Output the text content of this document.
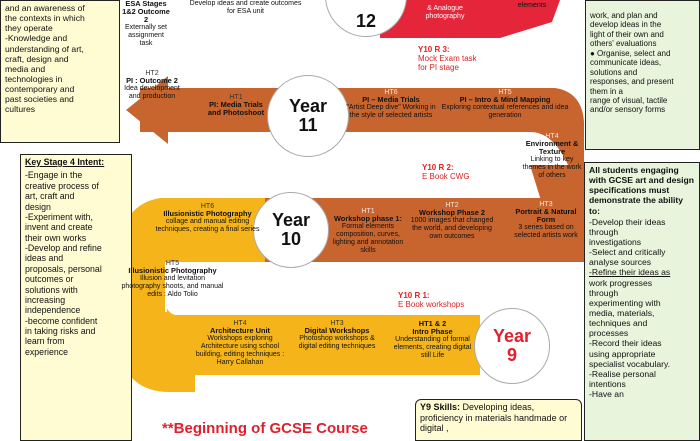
and an awareness of
the contexts in which
they operate
-Knowledge and
understanding of art,
craft, design and
media and
technologies in
contemporary and
past societies and
cultures
Key Stage 4 Intent:
-Engage in the
creative process of
art, craft and
design
-Experiment with,
invent and create
their own works
-Develop and refine
ideas and
proposals, personal
outcomes or
solutions with
increasing
independence
-become confident
in taking risks and
learn from
experience
work, and plan and
develop ideas in the
light of their own and
others' evaluations
● Organise, select and
communicate ideas,
solutions and
responses, and present
them in a
range of visual, tactile
and/or sensory forms
All students engaging with GCSE art and design specifications must demonstrate the ability to:
-Develop their ideas
through
investigations
-Select and critically
analyse sources
-Refine their ideas as
work progresses
through
experimenting with
media, materials,
techniques and
processes
-Record their ideas
using appropriate
specialist vocabulary.
-Realise personal
intentions
-Have an
Y9 Skills: Developing ideas, proficiency in materials handmade or digital ,
**Beginning of GCSE Course
12
Year
11
Year
10
Year
9
Y10 R 3:
Mock Exam task
for PI stage
Y10 R 2:
E Book CWG
Y10 R 1:
E Book workshops
ESA Stages 1&2 Outcome 2
Externally set assignment task
Develop ideas and create outcomes for ESA unit	& Analogue photography
elements
HT2
PI : Outcome 2
Idea development and production	HT1
PI: Media Trials and Photoshoot
HT6
PI – Media Trials
"Artist Deep dive" Working in the style of selected artists
HT5
PI – Intro & Mind Mapping
Exploring contextual references and idea generation
HT4
Environment & Texture
Linking to key themes in the work of others
HT3
Portrait & Natural Form
3 series based on selected artists work
HT2
Workshop Phase 2
1000 images that changed the world, and developing own outcomes
HT1
Workshop phase 1:
Formal elements composition, curves, lighting and annotation skills
HT6
Illusionistic Photography
collage and manual editing techniques, creating a final series
HT5
Illusionistic Photography
Illusion and levitation photography shoots, and manual edits : Aldo Tolio
HT4
Architecture Unit
Workshops exploring Architecture using school building, editing techniques : Harry Callahan
HT3
Digital Workshops
Photoshop workshops & digital editing techniques
HT1 & 2
Intro Phase
Understanding of formal elements, creating digital still Life
